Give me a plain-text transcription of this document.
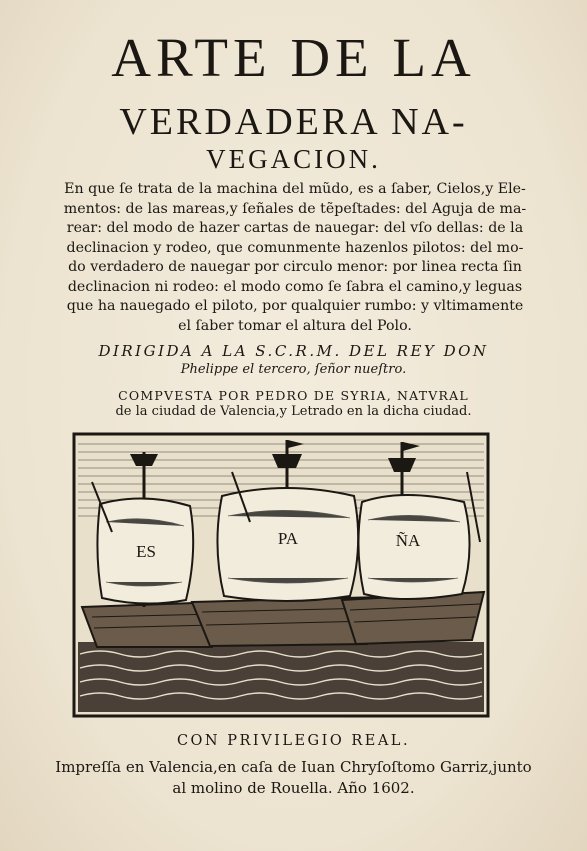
ARTE DE LA
VERDADERA NA-
VEGACION.
En que ſe trata de la machina del mũdo, es a ſaber, Cielos,y Ele-
mentos: de las mareas,y ſeñales de tẽpeſtades: del Aguja de ma-
rear: del modo de hazer cartas de nauegar: del vſo dellas: de la
declinacion y rodeo, que comunmente hazenlos pilotos: del mo-
do verdadero de nauegar por circulo menor: por linea recta ſin
declinacion ni rodeo: el modo como ſe ſabra el camino,y leguas
que ha nauegado el piloto, por qualquier rumbo: y vltimamente
el ſaber tomar el altura del Polo.
DIRIGIDA A LA S.C.R.M. DEL REY DON
Phelippe el tercero, ſeñor nueſtro.
COMPVESTA POR PEDRO DE SYRIA, NATVRAL
de la ciudad de Valencia,y Letrado en la dicha ciudad.
ES
PA	ÑA
CON PRIVILEGIO REAL.
Impreſſa en Valencia,en caſa de Iuan Chryſoſtomo Garriz,junto
al molino de Rouella. Año 1602.
